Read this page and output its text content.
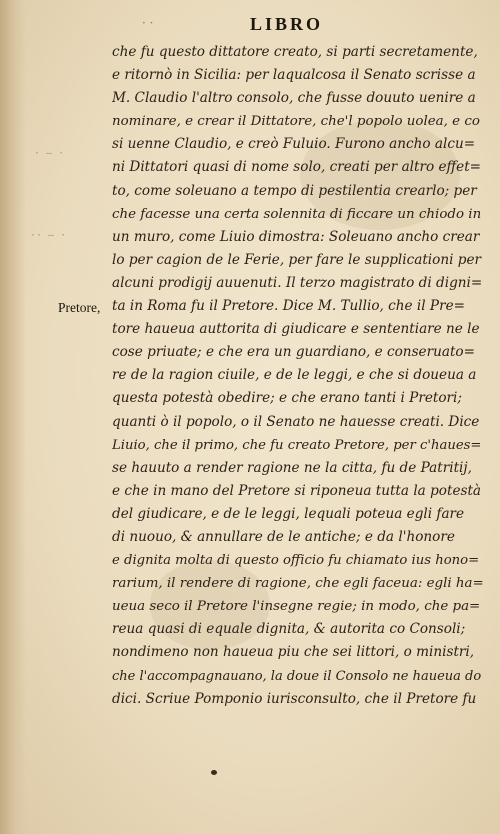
· ·	LIBRO
· — ·
·· — ·
Pretore,
che fu questo dittatore creato, si parti secretamente,
e ritornò in Sicilia: per laqualcosa il Senato scrisse a
M. Claudio l'altro consolo, che fusse douuto uenire a
nominare, e crear il Dittatore, che'l popolo uolea, e co
si uenne Claudio, e creò Fuluio. Furono ancho alcu=
ni Dittatori quasi di nome solo, creati per altro effet=
to, come soleuano a tempo di pestilentia crearlo; per
che facesse una certa solennita di ficcare un chiodo in
un muro, come Liuio dimostra: Soleuano ancho crear
lo per cagion de le Ferie, per fare le supplicationi per
alcuni prodigij auuenuti. Il terzo magistrato di digni=
ta in Roma fu il Pretore. Dice M. Tullio, che il Pre=
tore haueua auttorita di giudicare e sententiare ne le
cose priuate; e che era un guardiano, e conseruato=
re de la ragion ciuile, e de le leggi, e che si doueua a
questa potestà obedire; e che erano tanti i Pretori;
quanti ò il popolo, o il Senato ne hauesse creati. Dice
Liuio, che il primo, che fu creato Pretore, per c'haues=
se hauuto a render ragione ne la citta, fu de Patritij,
e che in mano del Pretore si riponeua tutta la potestà
del giudicare, e de le leggi, lequali poteua egli fare
di nuouo, & annullare de le antiche; e da l'honore
e dignita molta di questo officio fu chiamato ius hono=
rarium, il rendere di ragione, che egli faceua: egli ha=
ueua seco il Pretore l'insegne regie; in modo, che pa=
reua quasi di equale dignita, & autorita co Consoli;
nondimeno non haueua piu che sei littori, o ministri,
che l'accompagnauano, la doue il Consolo ne haueua do
dici. Scriue Pomponio iurisconsulto, che il Pretore fu
